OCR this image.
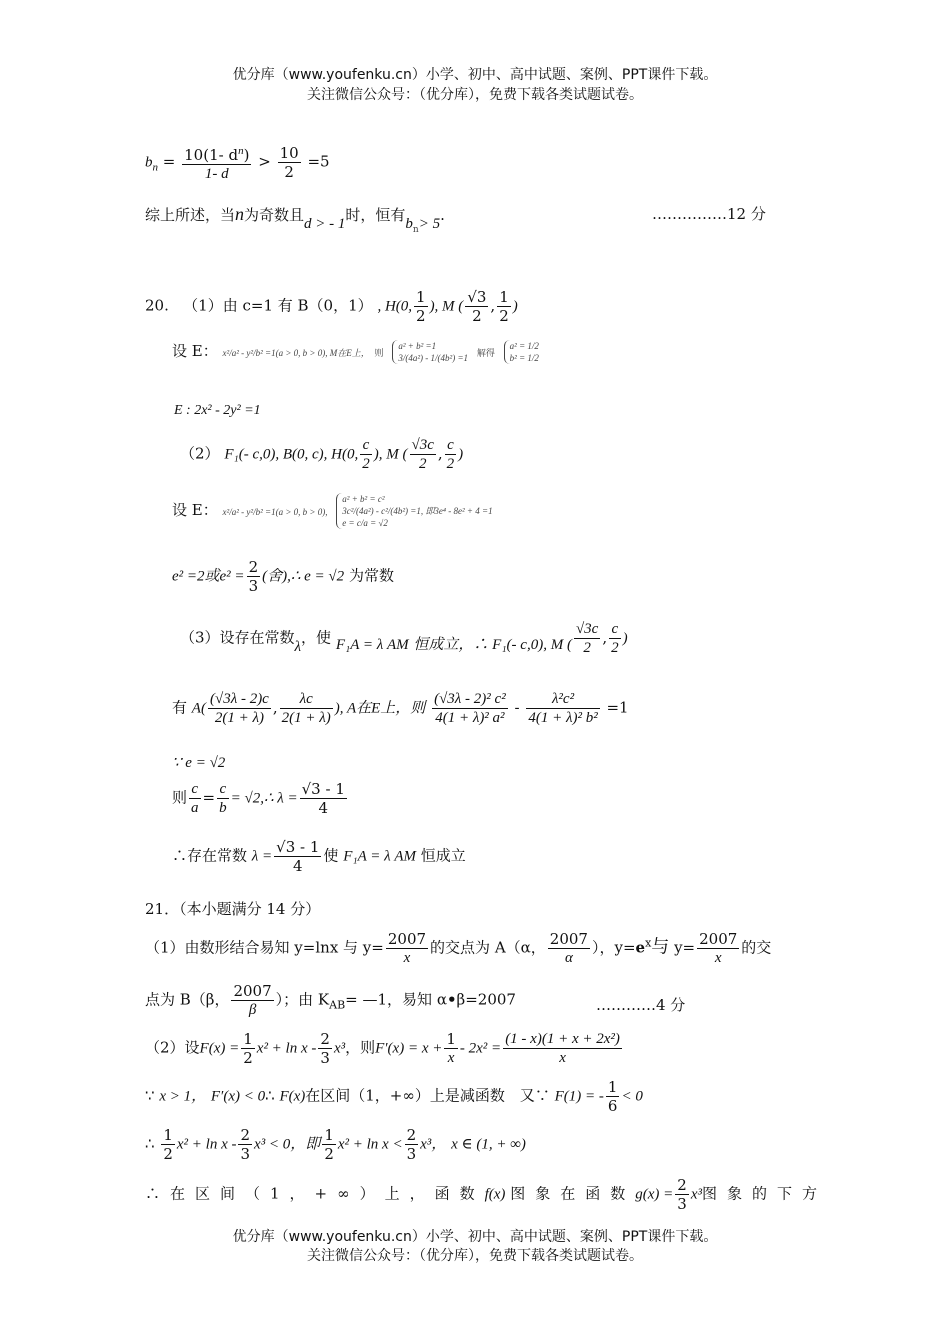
优分库（www.youfenku.cn）小学、初中、高中试题、案例、PPT课件下载。
关注微信公众号：（优分库），免费下载各类试题试卷。
$b_n = \frac{10(1- d^n)}{1- d} > \frac{10}{2} =5$
综上所述，当n为奇数且d > - 1时，恒有$b_n> 5$.	……………12 分
20. （1）由 c=1 有 B（0，1） , H(0, $\frac{1}{2}$ ), M ( $\frac{√3}{2}$ , $\frac{1}{2}$ )
设 E： x²/a² - y²/b² =1(a > 0, b > 0), M在E上， 则
a² + b² =1
3/(4a²) - 1/(4b²) =1 解得
a² = 1/2
b² = 1/2
E : 2x² - 2y² =1
（2） F₁(- c,0), B(0, c), H(0, $\frac{c}{2}$ ), M ( $\frac{√3c}{2}$ , $\frac{c}{2}$ )
设 E： x²/a² - y²/b² =1(a > 0, b > 0),
a² + b² = c²
3c²/(4a²) - c²/(4b²) =1, 即3e⁴ - 8e² + 4 =1
e = c/a = √2
e² =2或$e^2 = \frac{2}{3}$ (舍),∴ e = √2 为常数
（3）设存在常数λ，使 F₁A = λ AM 恒成立，∴ F₁(- c,0), M ( $\frac{√3c}{2}$ , $\frac{c}{2}$ )
有 $A( \frac{(√3\lambda - 2)c}{2(1 + \lambda)}$ , $\frac{\lambda c}{2(1 + \lambda)}$ ), A在E上，则 $\frac{\text{(√3λ - 2)² c²}}{\text{4(1 + λ)² a²}} - \frac{\text{λ²c²}}{\text{4(1 + λ)² b²}} =1$
∵ e = √2
则 $\frac{c}{a} = \frac{c}{b}$ = √2,∴ $\lambda = \frac{√3 - 1}{4}$
∴存在常数 $\lambda = \frac{√3 - 1}{4}$ 使 F₁A = λ AM 恒成立
21．（本小题满分 14 分）
（1）由数形结合易知 y=lnx 与 $y= \frac{2007}{x}$ 的交点为 A（α， $\frac{2007}{\alpha}$ ），$y=e^x$与 $y= \frac{2007}{x}$ 的交
点为 B（β， $\frac{2007}{\beta}$ ）；由 $K_{AB}=$ —1，易知 α•β=2007	…………4 分
（2）设$F(x) = \frac{1}{2} x^2 + \ln x - \frac{2}{3} x^3$，则$F'(x) = x + \frac{1}{x} - 2x^2 = \frac{\text{(1 - x)(1 + x + 2x²)}}{x}$
∵ x > 1， F′(x) < 0∴ F(x)在区间（1，+∞）上是减函数　又∵ F(1) = - $\frac{1}{6} < 0$
∴ $\frac{1}{2} x^2 + \ln x - \frac{2}{3} x^3 < 0$，即 $\frac{1}{2} x^2 + \ln x < \frac{2}{3} x^3$， x ∈ (1, + ∞)
∴在区间（1，+∞）上，函数f(x) 图象在函数$g(x) = \frac{2}{3} x^3$图象的下方
优分库（www.youfenku.cn）小学、初中、高中试题、案例、PPT课件下载。
关注微信公众号：（优分库），免费下载各类试题试卷。
